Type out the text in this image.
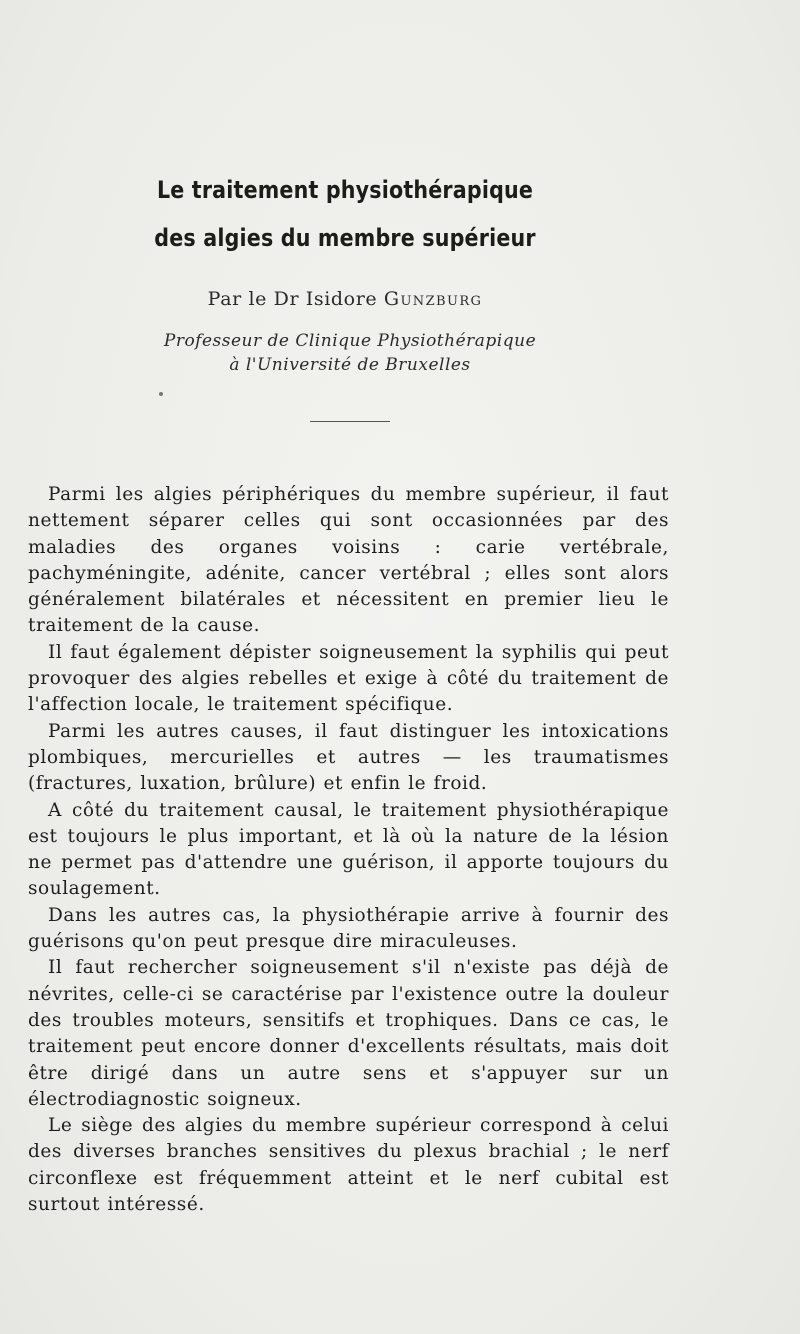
Le traitement physiothérapique
des algies du membre supérieur

Par le Dr Isidore Gunzburg

Professeur de Clinique Physiothérapique

à l'Université de Bruxelles

Parmi les algies périphériques du membre supérieur, il faut nettement séparer celles qui sont occasionnées par des maladies des organes voisins : carie vertébrale, pachyméningite, adénite, cancer vertébral ; elles sont alors généralement bilatérales et nécessitent en premier lieu le traitement de la cause.

Il faut également dépister soigneusement la syphilis qui peut provoquer des algies rebelles et exige à côté du traitement de l'affection locale, le traitement spécifique.

Parmi les autres causes, il faut distinguer les intoxications plombiques, mercurielles et autres — les traumatismes (fractures, luxation, brûlure) et enfin le froid.

A côté du traitement causal, le traitement physiothérapique est toujours le plus important, et là où la nature de la lésion ne permet pas d'attendre une guérison, il apporte toujours du soulagement.

Dans les autres cas, la physiothérapie arrive à fournir des guérisons qu'on peut presque dire miraculeuses.

Il faut rechercher soigneusement s'il n'existe pas déjà de névrites, celle-ci se caractérise par l'existence outre la douleur des troubles moteurs, sensitifs et trophiques. Dans ce cas, le traitement peut encore donner d'excellents résultats, mais doit être dirigé dans un autre sens et s'appuyer sur un électrodiagnostic soigneux.

Le siège des algies du membre supérieur correspond à celui des diverses branches sensitives du plexus brachial ; le nerf circonflexe est fréquemment atteint et le nerf cubital est surtout intéressé.
